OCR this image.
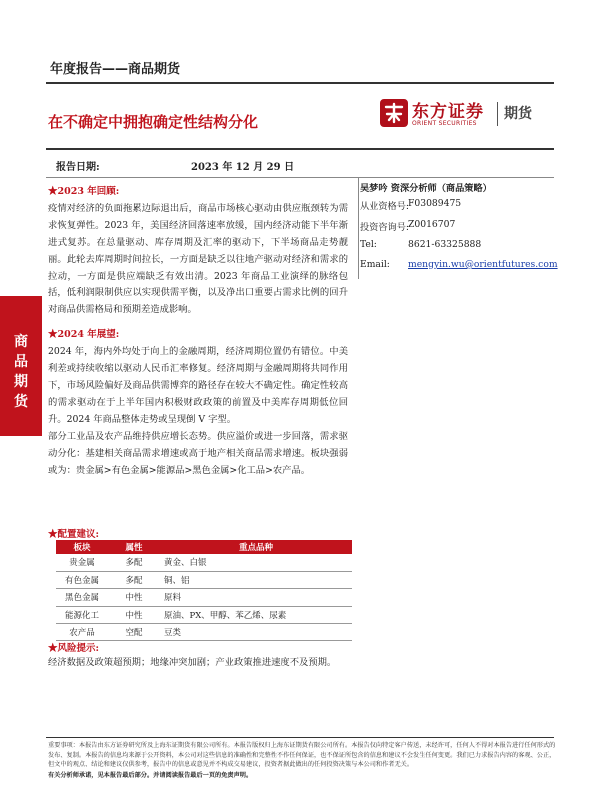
年度报告——商品期货
在不确定中拥抱确定性结构分化	东方证券
ORIENT SECURITIES
期货
报告日期:	2023 年 12 月 29 日
商
品
期
货
★2023 年回顾:
疫情对经济的负面拖累边际退出后，商品市场核心驱动由供应瓶颈转为需求恢复弹性。2023 年，美国经济回落速率放缓，国内经济动能下半年渐进式复苏。在总量驱动、库存周期及汇率的驱动下，下半场商品走势靓丽。此轮去库周期时间拉长，一方面是缺乏以往地产驱动对经济和需求的拉动，一方面是供应端缺乏有效出清。2023 年商品工业演绎的脉络包括，低利润限制供应以实现供需平衡，以及净出口重要占需求比例的回升对商品供需格局和预期差造成影响。
★2024 年展望:
2024 年，海内外均处于向上的金融周期，经济周期位置仍有错位。中美利差或持续收缩以驱动人民币汇率修复。经济周期与金融周期将共同作用下，市场风险偏好及商品供需博弈的路径存在较大不确定性。确定性较高的需求驱动在于上半年国内积极财政政策的前置及中美库存周期低位回升。2024 年商品整体走势或呈现倒 V 字型。
部分工业品及农产品维持供应增长态势。供应溢价或进一步回落，需求驱动分化：基建相关商品需求增速或高于地产相关商品需求增速。板块强弱或为：贵金属>有色金属>能源品>黑色金属>化工品>农产品。
吴梦吟 资深分析师（商品策略）
从业资格号:
F03089475
投资咨询号:
Z0016707
Tel:	8621-63325888
Email: mengyin.wu@orientfutures.com
★配置建议:
板块	属性	重点品种
贵金属	多配	黄金、白银
有色金属	多配	铜、铝
黑色金属	中性	原料
能源化工	中性	原油、PX、甲醇、苯乙烯、尿素
农产品	空配	豆类
★风险提示:
经济数据及政策超预期；地缘冲突加剧；产业政策推进速度不及预期。
重要事项：本报告由东方证券研究所及上海东证期货有限公司所有。本报告版权归上海东证期货有限公司所有。本报告仅向特定客户传送，未经许可，任何人不得对本报告进行任何形式的发布、复制。本报告的信息均来源于公开资料，本公司对这些信息的准确性和完整性不作任何保证，也不保证所包含的信息和建议不会发生任何变更。我们已力求报告内容的客观、公正，但文中的观点、结论和建议仅供参考，报告中的信息或意见并不构成交易建议，投资者据此做出的任何投资决策与本公司和作者无关。
有关分析师承诺，见本报告最后部分。并请阅读报告最后一页的免责声明。
